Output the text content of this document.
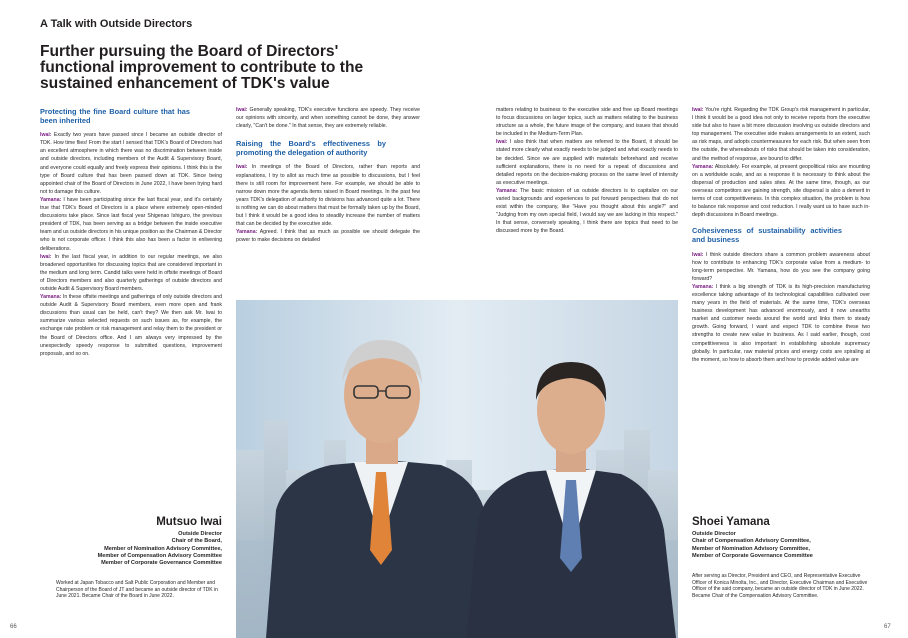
A Talk with Outside Directors
Further pursuing the Board of Directors' functional improvement to contribute to the sustained enhancement of TDK's value
Protecting the fine Board culture that has been inherited

Iwai: Exactly two years have passed since I became an outside director of TDK. How time flies! From the start I sensed that TDK's Board of Directors had an excellent atmosphere in which there was no discrimination between inside and outside directors, including members of the Audit & Supervisory Board, and everyone could equally and freely express their opinions. I think this is the type of Board culture that has been passed down at TDK. Since being appointed chair of the Board of Directors in June 2022, I have been trying hard not to damage this culture.

Yamana: I have been participating since the last fiscal year, and it's certainly true that TDK's Board of Directors is a place where extremely open-minded discussions take place. Since last fiscal year Shigenao Ishiguro, the previous president of TDK, has been serving as a bridge between the inside executive team and us outside directors in his unique position as the Chairman & Director who is not corporate officer. I think this also has been a factor in enlivening deliberations.

Iwai: In the last fiscal year, in addition to our regular meetings, we also broadened opportunities for discussing topics that are considered important in the medium and long term. Candid talks were held in offsite meetings of Board of Directors members and also quarterly gatherings of outside directors and outside Audit & Supervisory Board members.

Yamana: In these offsite meetings and gatherings of only outside directors and outside Audit & Supervisory Board members, even more open and frank discussions than usual can be held, can't they? We then ask Mr. Iwai to summarize various selected requests on such issues as, for example, the exchange rate problem or risk management and relay them to the president or the Board of Directors office. And I am always very impressed by the unexpectedly speedy response to submitted questions, improvement proposals, and so on.

Iwai: Generally speaking, TDK's executive functions are speedy. They receive our opinions with sincerity, and when something cannot be done, they answer clearly, "Can't be done." In that sense, they are extremely reliable.

Raising the Board's effectiveness by promoting the delegation of authority

Iwai: In meetings of the Board of Directors, rather than reports and explanations, I try to allot as much time as possible to discussions, but I feel there is still room for improvement here. For example, we should be able to narrow down more the agenda items raised in Board meetings. In the past few years TDK's delegation of authority to divisions has advanced quite a lot. There is nothing we can do about matters that must be formally taken up by the Board, but I think it would be a good idea to steadily increase the number of matters that can be decided by the executive side.

Yamana: Agreed. I think that as much as possible we should delegate the power to make decisions on detailed

matters relating to business to the executive side and free up Board meetings to focus discussions on larger topics, such as matters relating to the business structure as a whole, the future image of the company, and issues that should be included in the Medium-Term Plan.

Iwai: I also think that when matters are referred to the Board, it should be stated more clearly what exactly needs to be judged and what exactly needs to be decided. Since we are supplied with materials beforehand and receive sufficient explanations, there is no need for a repeat of discussions and detailed reports on the decision-making process on the same level of intensity as executive meetings.

Yamana: The basic mission of us outside directors is to capitalize on our varied backgrounds and experiences to put forward perspectives that do not exist within the company, like "Have you thought about this angle?" and "Judging from my own special field, I would say we are lacking in this respect." In that sense, conversely speaking, I think there are topics that need to be discussed more by the Board.

Iwai: You're right. Regarding the TDK Group's risk management in particular, I think it would be a good idea not only to receive reports from the executive side but also to have a bit more discussion involving us outside directors and top management. The executive side makes arrangements to an extent, such as risk maps, and adopts countermeasures for each risk. But when seen from the outside, the whereabouts of risks that should be taken into consideration, and the method of response, are bound to differ.

Yamana: Absolutely. For example, at present geopolitical risks are mounting on a worldwide scale, and as a response it is necessary to think about the dispersal of production and sales sites. At the same time, though, as our overseas competitors are gaining strength, site dispersal is also a demerit in terms of cost competitiveness. In this complex situation, the problem is how to balance risk response and cost reduction. I really want us to have such in-depth discussions in Board meetings.

Cohesiveness of sustainability activities and business

Iwai: I think outside directors share a common problem awareness about how to contribute to enhancing TDK's corporate value from a medium- to long-term perspective. Mr. Yamana, how do you see the company going forward?

Yamana: I think a big strength of TDK is its high-precision manufacturing excellence taking advantage of its technological capabilities cultivated over many years in the field of materials. At the same time, TDK's overseas business development has advanced enormously, and it now unearths market and customer needs around the world and links them to steady growth. Going forward, I want and expect TDK to combine these two strengths to create new value in business. As I said earlier, though, cost competitiveness is also important in establishing absolute supremacy globally. In particular, raw material prices and energy costs are spiraling at the moment, so how to absorb them and how to provide added value are

Mutsuo Iwai
Outside Director
Chair of the Board,
Member of Nomination Advisory Committee,
Member of Compensation Advisory Committee
Member of Corporate Governance Committee
Worked at Japan Tobacco and Salt Public Corporation and Member and Chairperson of the Board of JT and became an outside director of TDK in June 2021. Became Chair of the Board in June 2022.
Shoei Yamana
Outside Director
Chair of Compensation Advisory Committee,
Member of Nomination Advisory Committee,
Member of Corporate Governance Committee
After serving as Director, President and CEO, and Representative Executive Officer of Konica Minolta, Inc., and Director, Executive Chairman and Executive Officer of the said company, became an outside director of TDK in June 2022. Became Chair of the Compensation Advisory Committee.
66	67
